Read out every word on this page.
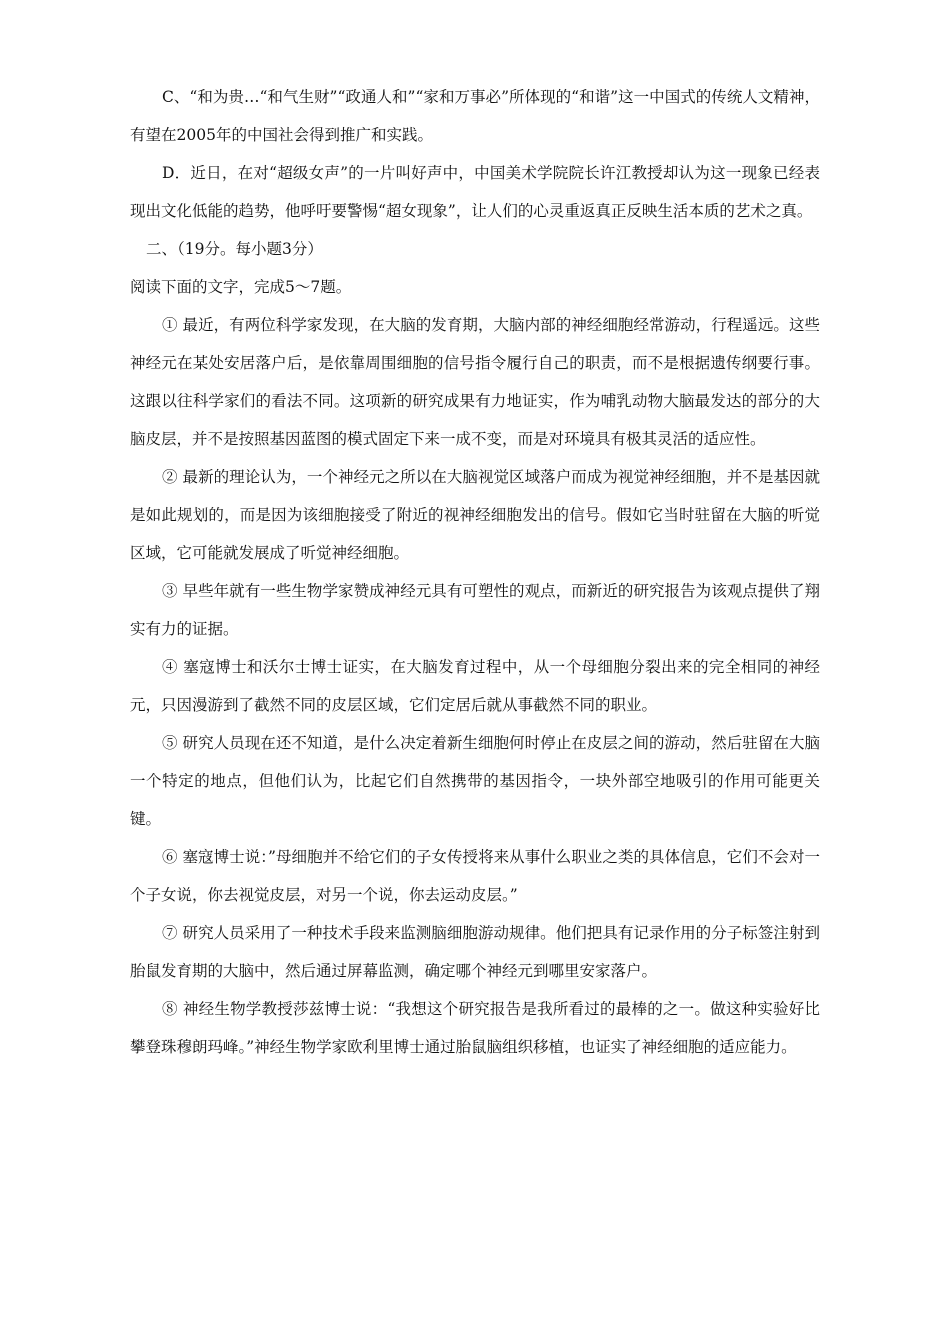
C、“和为贵…“和气生财”“政通人和”“家和万事必”所体现的“和谐”这一中国式的传统人文精神，有望在2005年的中国社会得到推广和实践。

D．近日，在对“超级女声”的一片叫好声中，中国美术学院院长许江教授却认为这一现象已经表现出文化低能的趋势，他呼吁要警惕“超女现象”，让人们的心灵重返真正反映生活本质的艺术之真。

二、（19分。每小题3分）

阅读下面的文字，完成5～7题。

① 最近，有两位科学家发现，在大脑的发育期，大脑内部的神经细胞经常游动，行程遥远。这些神经元在某处安居落户后，是依靠周围细胞的信号指令履行自己的职责，而不是根据遗传纲要行事。这跟以往科学家们的看法不同。这项新的研究成果有力地证实，作为哺乳动物大脑最发达的部分的大脑皮层，并不是按照基因蓝图的模式固定下来一成不变，而是对环境具有极其灵活的适应性。

② 最新的理论认为，一个神经元之所以在大脑视觉区域落户而成为视觉神经细胞，并不是基因就是如此规划的，而是因为该细胞接受了附近的视神经细胞发出的信号。假如它当时驻留在大脑的听觉区域，它可能就发展成了听觉神经细胞。

③ 早些年就有一些生物学家赞成神经元具有可塑性的观点，而新近的研究报告为该观点提供了翔实有力的证据。

④ 塞寇博士和沃尔士博士证实，在大脑发育过程中，从一个母细胞分裂出来的完全相同的神经元，只因漫游到了截然不同的皮层区域，它们定居后就从事截然不同的职业。

⑤ 研究人员现在还不知道，是什么决定着新生细胞何时停止在皮层之间的游动，然后驻留在大脑一个特定的地点，但他们认为，比起它们自然携带的基因指令，一块外部空地吸引的作用可能更关键。

⑥ 塞寇博士说：”母细胞并不给它们的子女传授将来从事什么职业之类的具体信息，它们不会对一个子女说，你去视觉皮层，对另一个说，你去运动皮层。”

⑦ 研究人员采用了一种技术手段来监测脑细胞游动规律。他们把具有记录作用的分子标签注射到胎鼠发育期的大脑中，然后通过屏幕监测，确定哪个神经元到哪里安家落户。

⑧ 神经生物学教授莎兹博士说：“我想这个研究报告是我所看过的最棒的之一。做这种实验好比攀登珠穆朗玛峰。”神经生物学家欧利里博士通过胎鼠脑组织移植，也证实了神经细胞的适应能力。
